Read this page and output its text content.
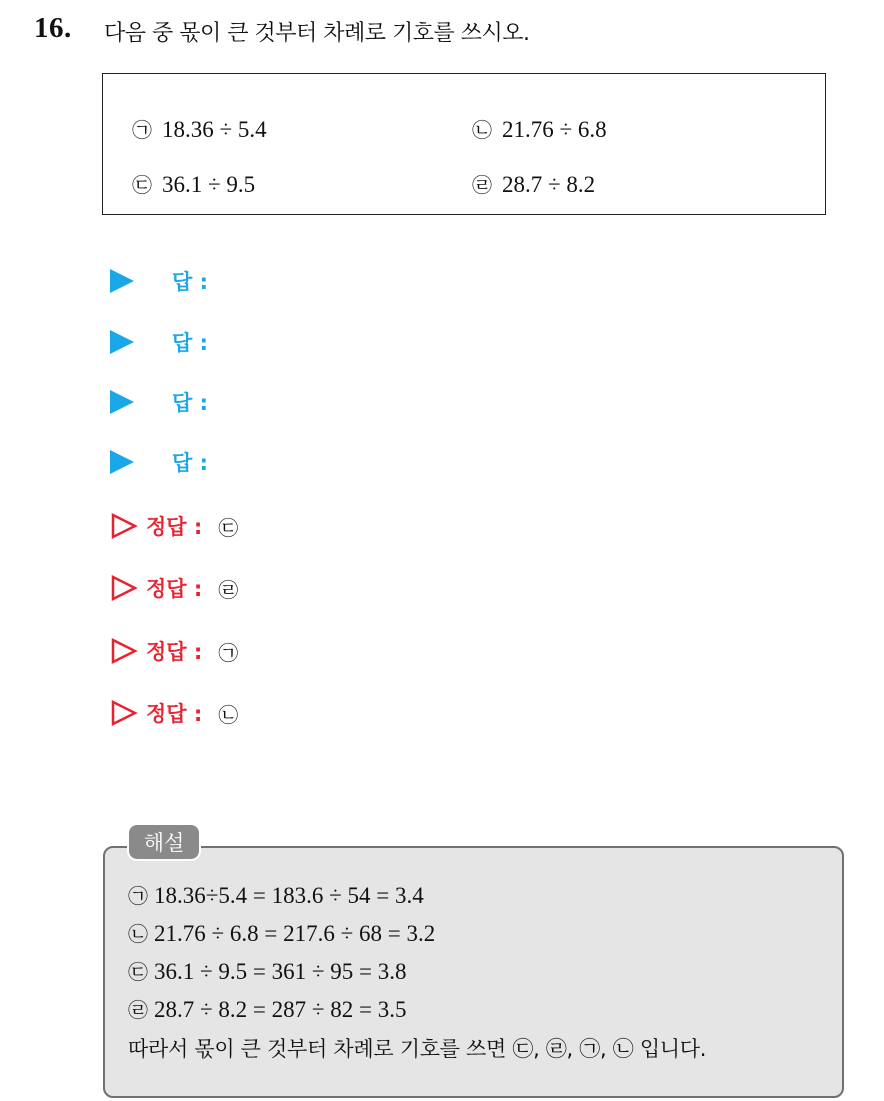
16. 다음 중 몫이 큰 것부터 차례로 기호를 쓰시오.
㉠ 18.36 ÷ 5.4	㉡ 21.76 ÷ 6.8
㉢ 36.1 ÷ 9.5	㉣ 28.7 ÷ 8.2
답 :
답 :
답 :
답 :
정답 : ㉢
정답 : ㉣
정답 : ㉠
정답 : ㉡
해설
㉠ 18.36÷5.4 = 183.6 ÷ 54 = 3.4
㉡ 21.76 ÷ 6.8 = 217.6 ÷ 68 = 3.2
㉢ 36.1 ÷ 9.5 = 361 ÷ 95 = 3.8
㉣ 28.7 ÷ 8.2 = 287 ÷ 82 = 3.5
따라서 몫이 큰 것부터 차례로 기호를 쓰면 ㉢, ㉣, ㉠, ㉡ 입니다.
